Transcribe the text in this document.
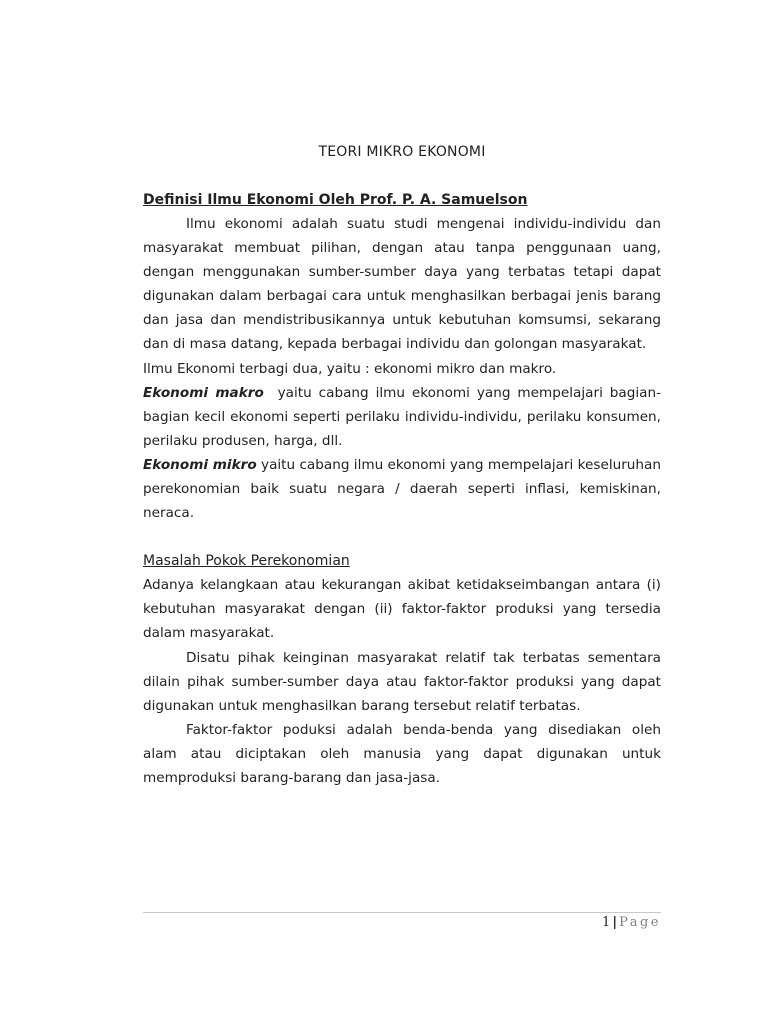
TEORI MIKRO EKONOMI
Definisi Ilmu Ekonomi Oleh Prof. P. A. Samuelson

Ilmu ekonomi adalah suatu studi mengenai individu-individu dan masyarakat membuat pilihan, dengan atau tanpa penggunaan uang, dengan menggunakan sumber-sumber daya yang terbatas tetapi dapat digunakan dalam berbagai cara untuk menghasilkan berbagai jenis barang dan jasa dan mendistribusikannya untuk kebutuhan komsumsi, sekarang dan di masa datang, kepada berbagai individu dan golongan masyarakat.

Ilmu Ekonomi terbagi dua, yaitu : ekonomi mikro dan makro.

Ekonomi makro  yaitu cabang ilmu ekonomi yang mempelajari bagian-bagian kecil ekonomi seperti perilaku individu-individu, perilaku konsumen, perilaku produsen, harga, dll.

Ekonomi mikro yaitu cabang ilmu ekonomi yang mempelajari keseluruhan perekonomian baik suatu negara / daerah seperti inflasi, kemiskinan, neraca.

Masalah Pokok Perekonomian

Adanya kelangkaan atau kekurangan akibat ketidakseimbangan antara (i) kebutuhan masyarakat dengan (ii) faktor-faktor produksi yang tersedia dalam masyarakat.

Disatu pihak keinginan masyarakat relatif tak terbatas sementara dilain pihak sumber-sumber daya atau faktor-faktor produksi yang dapat digunakan untuk menghasilkan barang tersebut relatif terbatas.

Faktor-faktor poduksi adalah benda-benda yang disediakan oleh alam atau diciptakan oleh manusia yang dapat digunakan untuk memproduksi barang-barang dan jasa-jasa.

1 | Page
